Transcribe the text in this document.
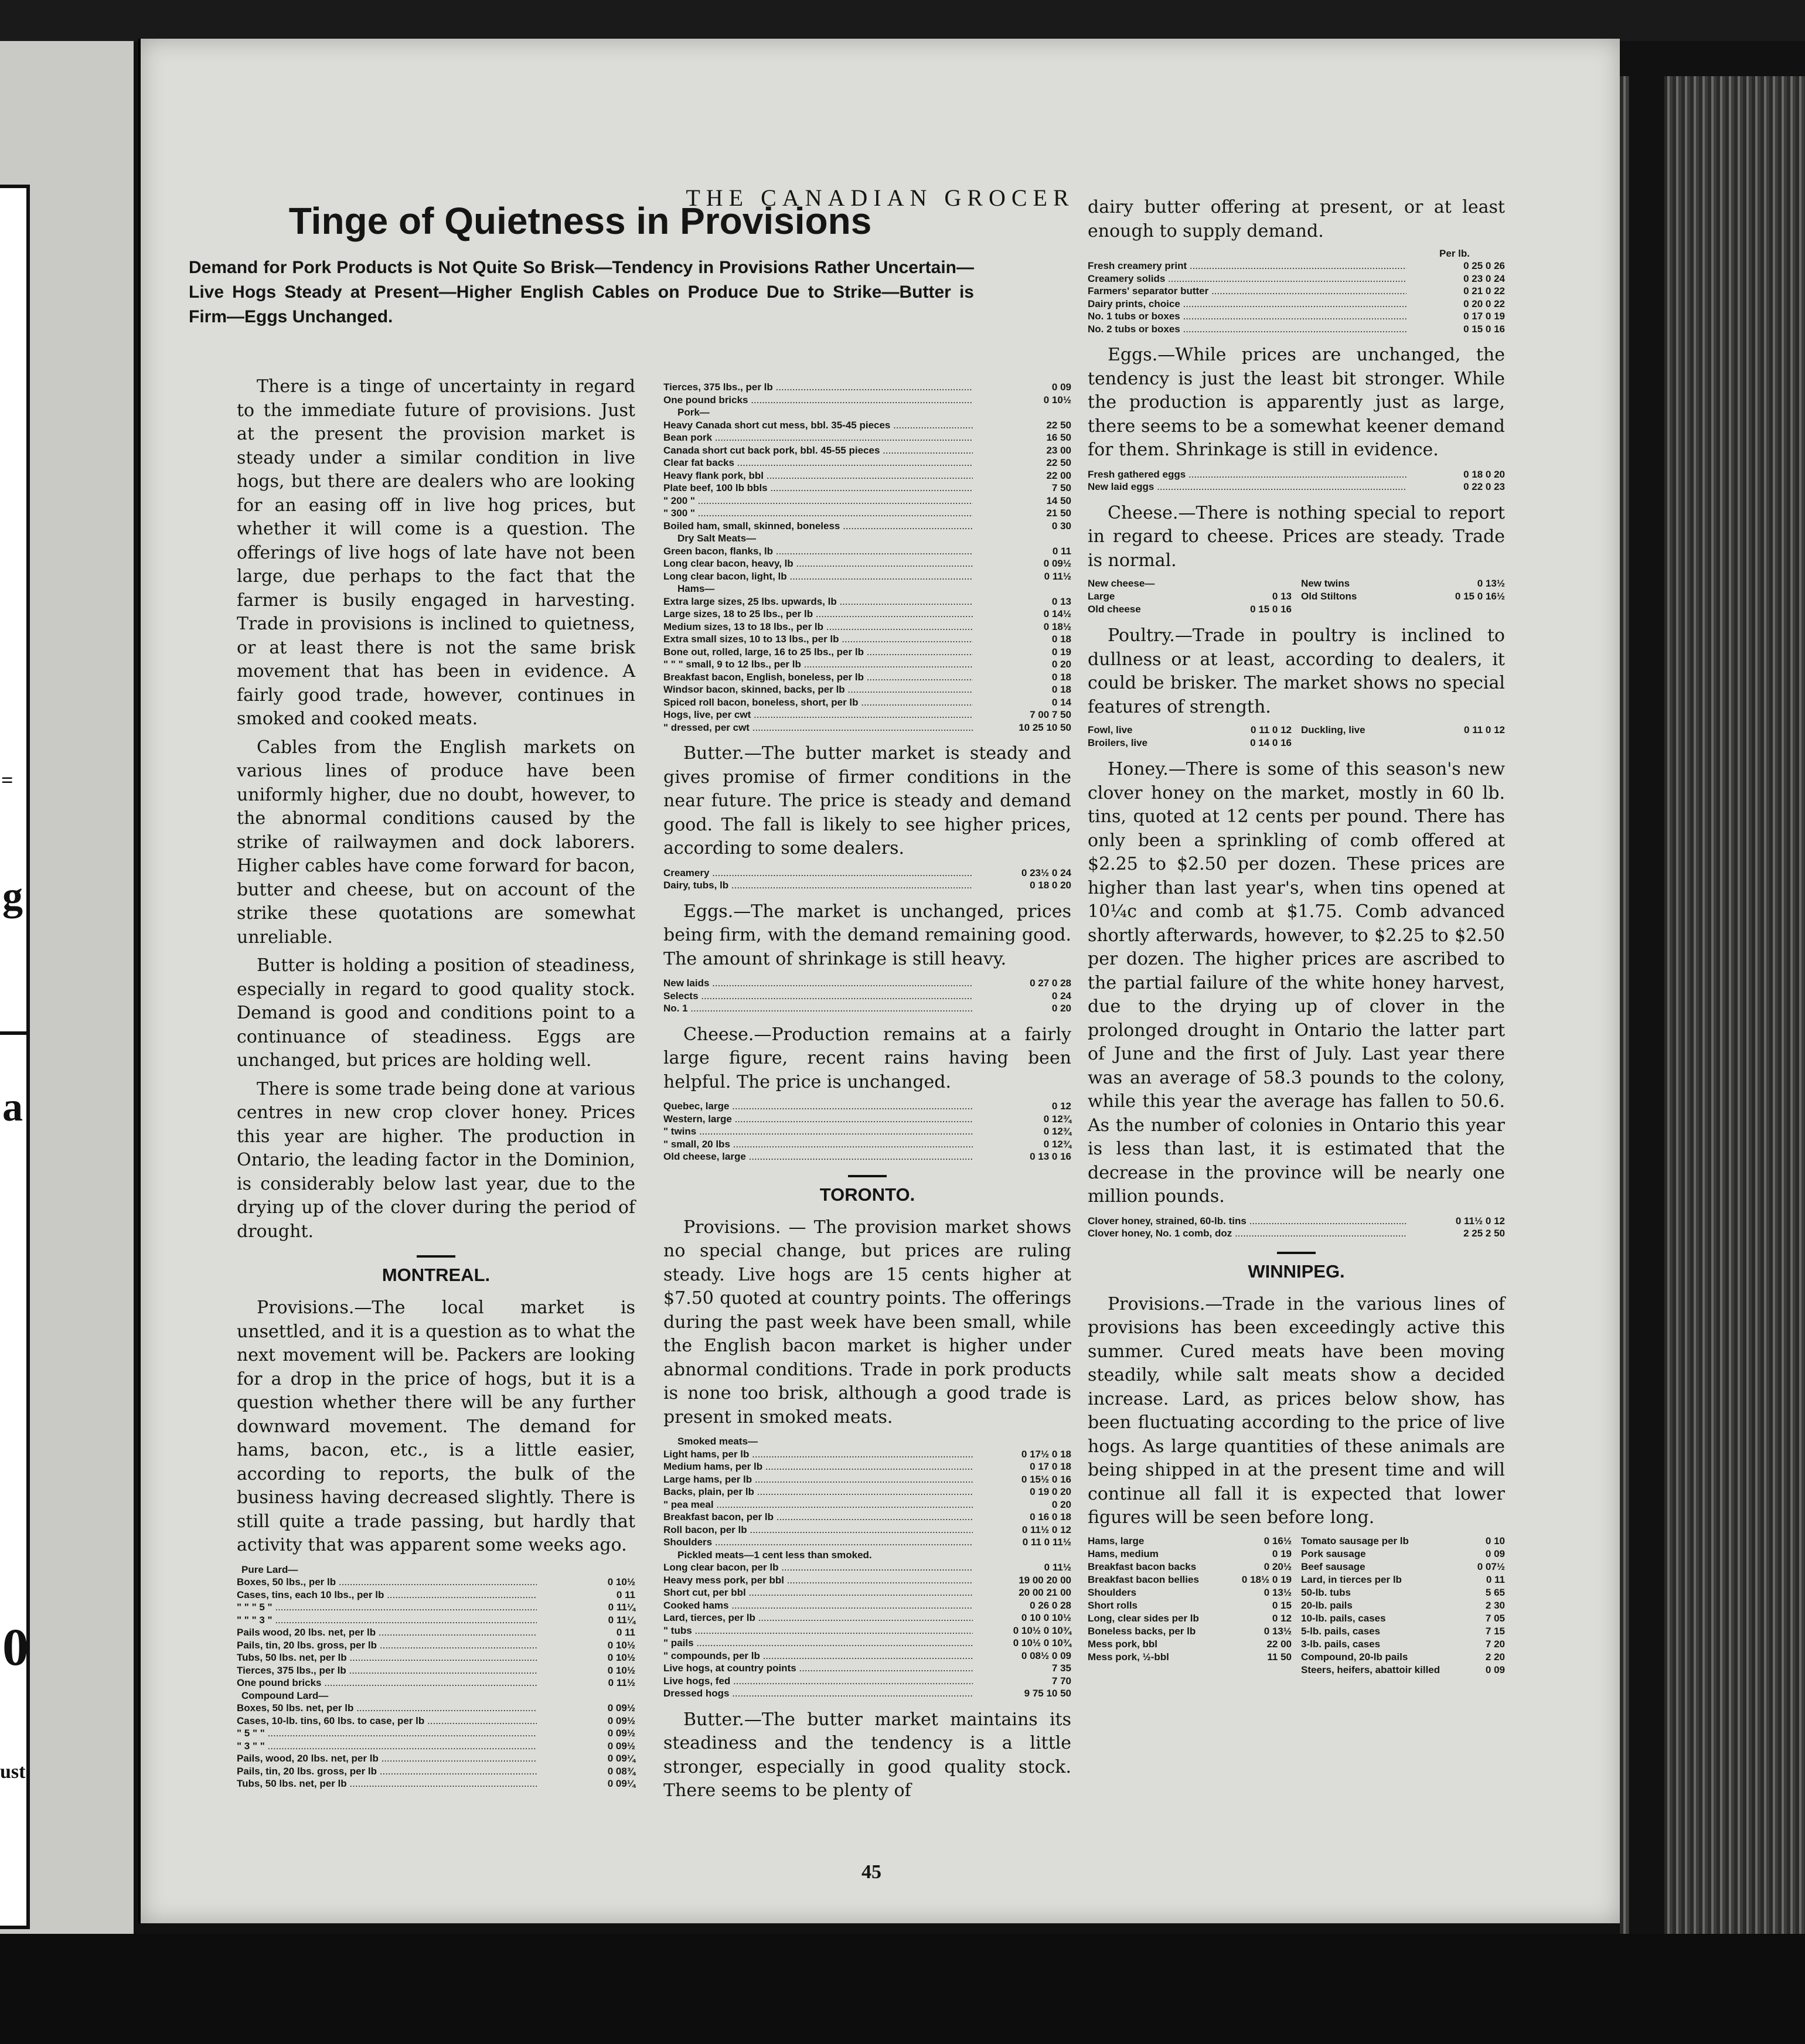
=
g
a
0
ust
THE CANADIAN GROCER
Tinge of Quietness in Provisions
Demand for Pork Products is Not Quite So Brisk—Tendency in Provisions Rather Uncertain—Live Hogs Steady at Present—Higher English Cables on Produce Due to Strike—Butter is Firm—Eggs Unchanged.

There is a tinge of uncertainty in regard to the immediate future of provisions. Just at the present the provision market is steady under a similar condition in live hogs, but there are dealers who are looking for an easing off in live hog prices, but whether it will come is a question. The offerings of live hogs of late have not been large, due perhaps to the fact that the farmer is busily engaged in harvesting. Trade in provisions is inclined to quietness, or at least there is not the same brisk movement that has been in evidence. A fairly good trade, however, continues in smoked and cooked meats.

Cables from the English markets on various lines of produce have been uniformly higher, due no doubt, however, to the abnormal conditions caused by the strike of railwaymen and dock laborers. Higher cables have come forward for bacon, butter and cheese, but on account of the strike these quotations are somewhat unreliable.

Butter is holding a position of steadiness, especially in regard to good quality stock. Demand is good and conditions point to a continuance of steadiness. Eggs are unchanged, but prices are holding well.

There is some trade being done at various centres in new crop clover honey. Prices this year are higher. The production in Ontario, the leading factor in the Dominion, is considerably below last year, due to the drying up of the clover during the period of drought.

MONTREAL.

Provisions.—The local market is unsettled, and it is a question as to what the next movement will be. Packers are looking for a drop in the price of hogs, but it is a question whether there will be any further downward movement. The demand for hams, bacon, etc., is a little easier, according to reports, the bulk of the business having decreased slightly. There is still quite a trade passing, but hardly that activity that was apparent some weeks ago.

Pure Lard—
Boxes, 50 lbs., per lb .....	0 10½
Cases, tins, each 10 lbs., per lb .....	0 11
" " " 5 " .....	0 11¼
" " " 3 " .....	0 11¼
Pails wood, 20 lbs. net, per lb .....	0 11
Pails, tin, 20 lbs. gross, per lb .....	0 10½
Tubs, 50 lbs. net, per lb .....	0 10½
Tierces, 375 lbs., per lb .....	0 10½
One pound bricks .....	0 11½
Compound Lard—
Boxes, 50 lbs. net, per lb .....	0 09½
Cases, 10-lb. tins, 60 lbs. to case, per lb .....	0 09½
" 5 " " .....	0 09½
" 3 " " .....	0 09½
Pails, wood, 20 lbs. net, per lb .....	0 09¼
Pails, tin, 20 lbs. gross, per lb .....	0 08¾
Tubs, 50 lbs. net, per lb .....	0 09¼
Tierces, 375 lbs., per lb .....	0 09
One pound bricks .....	0 10½
Pork—
Heavy Canada short cut mess, bbl. 35-45 pieces .....	22 50
Bean pork .....	16 50
Canada short cut back pork, bbl. 45-55 pieces .....	23 00
Clear fat backs .....	22 50
Heavy flank pork, bbl .....	22 00
Plate beef, 100 lb bbls .....	7 50
" 200 " .....	14 50
" 300 " .....	21 50
Boiled ham, small, skinned, boneless .....	0 30
Dry Salt Meats—
Green bacon, flanks, lb .....	0 11
Long clear bacon, heavy, lb .....	0 09½
Long clear bacon, light, lb .....	0 11½
Hams—
Extra large sizes, 25 lbs. upwards, lb .....	0 13
Large sizes, 18 to 25 lbs., per lb .....	0 14½
Medium sizes, 13 to 18 lbs., per lb .....	0 18½
Extra small sizes, 10 to 13 lbs., per lb .....	0 18
Bone out, rolled, large, 16 to 25 lbs., per lb .....	0 19
" " " small, 9 to 12 lbs., per lb .....	0 20
Breakfast bacon, English, boneless, per lb .....	0 18
Windsor bacon, skinned, backs, per lb .....	0 18
Spiced roll bacon, boneless, short, per lb .....	0 14
Hogs, live, per cwt .....	7 00 7 50
" dressed, per cwt .....	10 25 10 50

Butter.—The butter market is steady and gives promise of firmer conditions in the near future. The price is steady and demand good. The fall is likely to see higher prices, according to some dealers.

Creamery .....	0 23½ 0 24
Dairy, tubs, lb .....	0 18 0 20

Eggs.—The market is unchanged, prices being firm, with the demand remaining good. The amount of shrinkage is still heavy.

New laids .....	0 27 0 28
Selects .....	0 24
No. 1 .....	0 20

Cheese.—Production remains at a fairly large figure, recent rains having been helpful. The price is unchanged.

Quebec, large .....	0 12
Western, large .....	0 12¾
" twins .....	0 12¾
" small, 20 lbs .....	0 12¾
Old cheese, large .....	0 13 0 16
TORONTO.

Provisions. — The provision market shows no special change, but prices are ruling steady. Live hogs are 15 cents higher at $7.50 quoted at country points. The offerings during the past week have been small, while the English bacon market is higher under abnormal conditions. Trade in pork products is none too brisk, although a good trade is present in smoked meats.

Smoked meats—
Light hams, per lb .....	0 17½ 0 18
Medium hams, per lb .....	0 17 0 18
Large hams, per lb .....	0 15½ 0 16
Backs, plain, per lb .....	0 19 0 20
" pea meal .....	0 20
Breakfast bacon, per lb .....	0 16 0 18
Roll bacon, per lb .....	0 11½ 0 12
Shoulders .....	0 11 0 11½
Pickled meats—1 cent less than smoked.
Long clear bacon, per lb .....	0 11½
Heavy mess pork, per bbl .....	19 00 20 00
Short cut, per bbl .....	20 00 21 00
Cooked hams .....	0 26 0 28
Lard, tierces, per lb .....	0 10 0 10½
" tubs .....	0 10½ 0 10¾
" pails .....	0 10½ 0 10¾
" compounds, per lb .....	0 08½ 0 09
Live hogs, at country points .....	7 35
Live hogs, fed .....	7 70
Dressed hogs .....	9 75 10 50

Butter.—The butter market maintains its steadiness and the tendency is a little stronger, especially in good quality stock. There seems to be plenty of

dairy butter offering at present, or at least enough to supply demand.

Per lb.
Fresh creamery print .....	0 25 0 26
Creamery solids .....	0 23 0 24
Farmers' separator butter .....	0 21 0 22
Dairy prints, choice .....	0 20 0 22
No. 1 tubs or boxes .....	0 17 0 19
No. 2 tubs or boxes .....	0 15 0 16

Eggs.—While prices are unchanged, the tendency is just the least bit stronger. While the production is apparently just as large, there seems to be a somewhat keener demand for them. Shrinkage is still in evidence.

Fresh gathered eggs .....	0 18 0 20
New laid eggs .....	0 22 0 23

Cheese.—There is nothing special to report in regard to cheese. Prices are steady. Trade is normal.

New cheese—
Large	0 13
Old cheese	0 15 0 16
New twins	0 13½
Old Stiltons	0 15 0 16½

Poultry.—Trade in poultry is inclined to dullness or at least, according to dealers, it could be brisker. The market shows no special features of strength.

Fowl, live	0 11 0 12
Broilers, live	0 14 0 16
Duckling, live	0 11 0 12

Honey.—There is some of this season's new clover honey on the market, mostly in 60 lb. tins, quoted at 12 cents per pound. There has only been a sprinkling of comb offered at $2.25 to $2.50 per dozen. These prices are higher than last year's, when tins opened at 10¼c and comb at $1.75. Comb advanced shortly afterwards, however, to $2.25 to $2.50 per dozen. The higher prices are ascribed to the partial failure of the white honey harvest, due to the drying up of clover in the prolonged drought in Ontario the latter part of June and the first of July. Last year there was an average of 58.3 pounds to the colony, while this year the average has fallen to 50.6. As the number of colonies in Ontario this year is less than last, it is estimated that the decrease in the province will be nearly one million pounds.

Clover honey, strained, 60-lb. tins .....	0 11½ 0 12
Clover honey, No. 1 comb, doz .....	2 25 2 50
WINNIPEG.

Provisions.—Trade in the various lines of provisions has been exceedingly active this summer. Cured meats have been moving steadily, while salt meats show a decided increase. Lard, as prices below show, has been fluctuating according to the price of live hogs. As large quantities of these animals are being shipped in at the present time and will continue all fall it is expected that lower figures will be seen before long.

Hams, large	0 16½
Hams, medium	0 19
Breakfast bacon backs	0 20½
Breakfast bacon bellies	0 18½ 0 19
Shoulders	0 13½
Short rolls	0 15
Long, clear sides per lb	0 12
Boneless backs, per lb	0 13½
Mess pork, bbl	22 00
Mess pork, ½-bbl	11 50
Tomato sausage per lb	0 10
Pork sausage	0 09
Beef sausage	0 07½
Lard, in tierces per lb	0 11
50-lb. tubs	5 65
20-lb. pails	2 30
10-lb. pails, cases	7 05
5-lb. pails, cases	7 15
3-lb. pails, cases	7 20
Compound, 20-lb pails	2 20
Steers, heifers, abattoir killed	0 09
45
